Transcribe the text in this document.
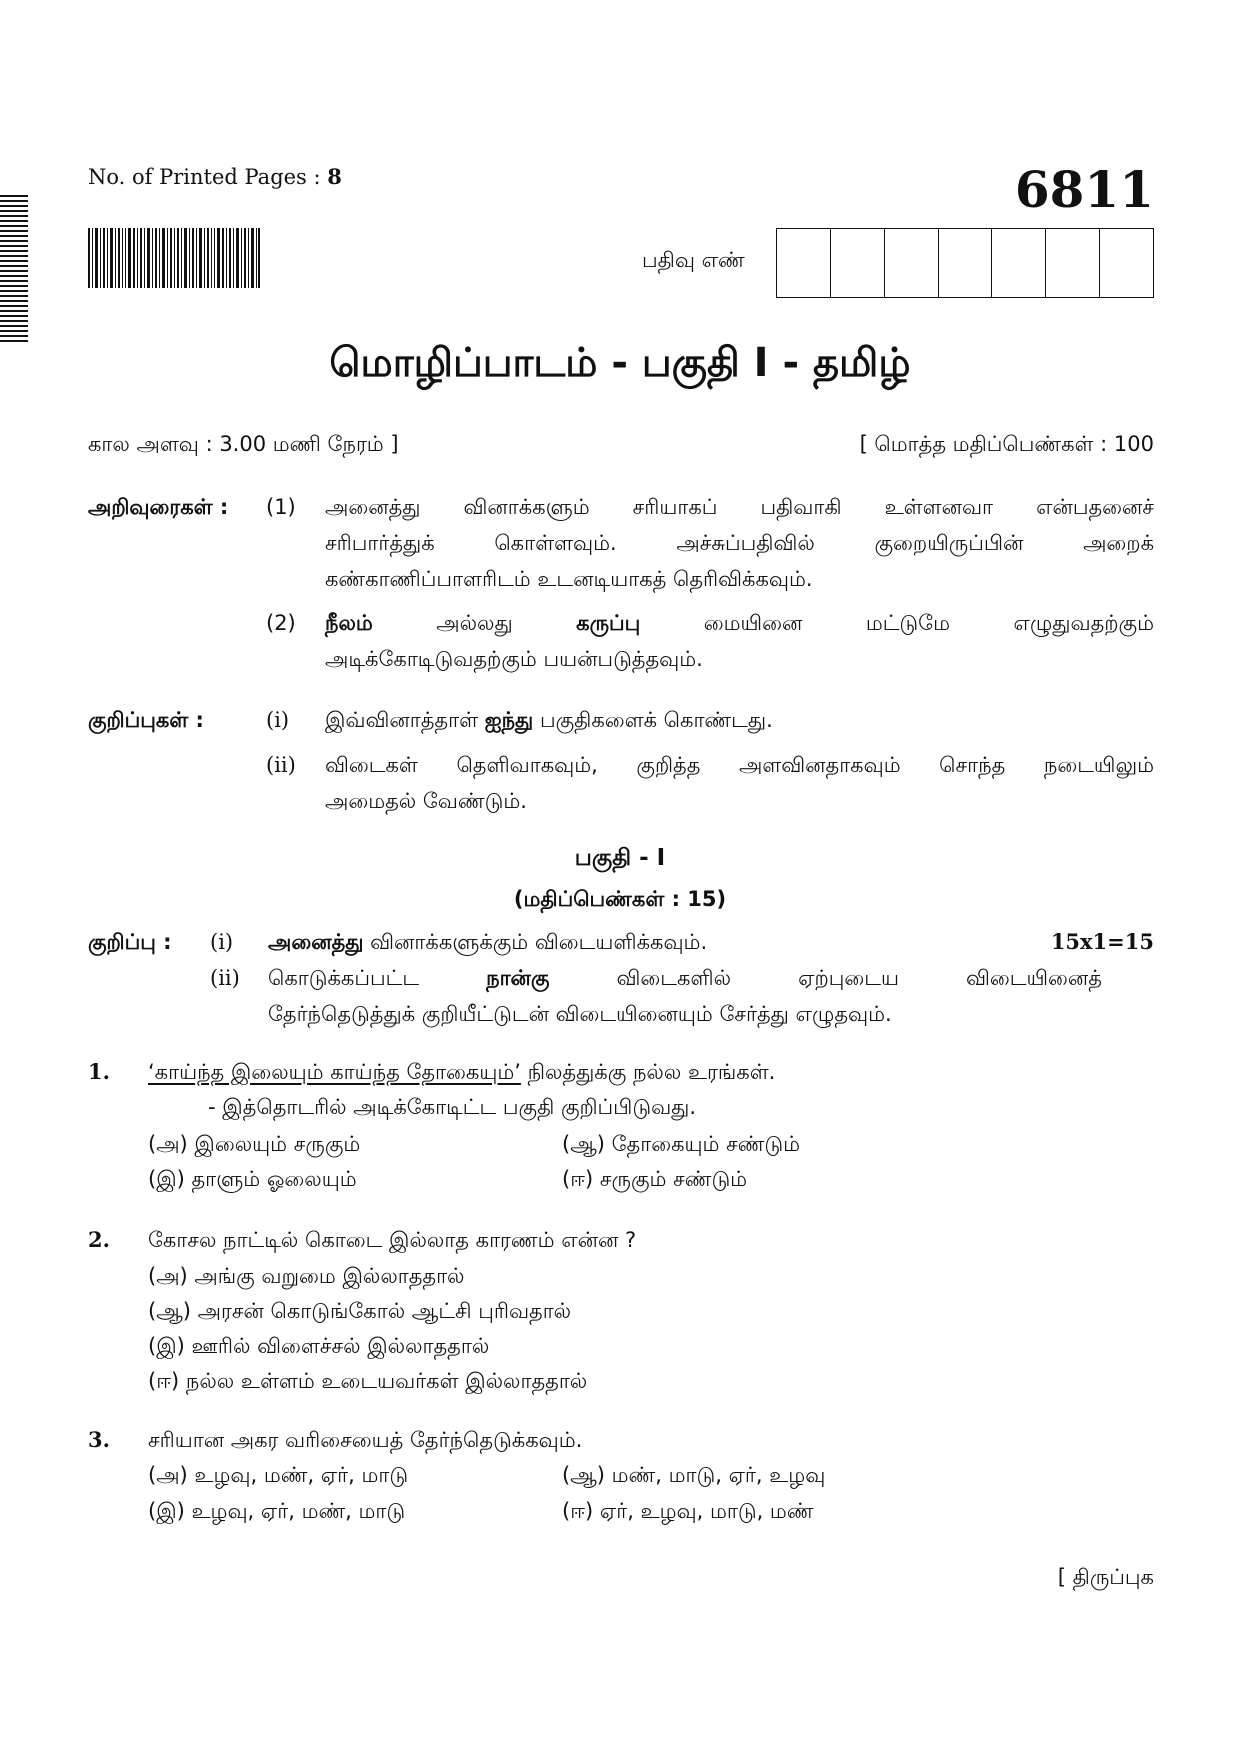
No. of Printed Pages : 8	6811
பதிவு எண்
மொழிப்பாடம் - பகுதி I - தமிழ்
கால அளவு : 3.00 மணி நேரம் ]	[ மொத்த மதிப்பெண்கள் : 100
அறிவுரைகள் : (1) அனைத்து வினாக்களும் சரியாகப் பதிவாகி உள்ளனவா என்பதனைச்
சரிபார்த்துக் கொள்ளவும். அச்சுப்பதிவில் குறையிருப்பின் அறைக்
கண்காணிப்பாளரிடம் உடனடியாகத் தெரிவிக்கவும்.
(2) நீலம்	அல்லது	கருப்பு	மையினை	மட்டுமே	எழுதுவதற்கும்
அடிக்கோடிடுவதற்கும் பயன்படுத்தவும்.
குறிப்புகள் :	(i) இவ்வினாத்தாள் ஐந்து பகுதிகளைக் கொண்டது.
(ii) விடைகள் தெளிவாகவும், குறித்த அளவினதாகவும் சொந்த நடையிலும்
அமைதல் வேண்டும்.
பகுதி - I
(மதிப்பெண்கள் : 15)
குறிப்பு : (i) அனைத்து வினாக்களுக்கும் விடையளிக்கவும்.	15x1=15
(ii) கொடுக்கப்பட்ட	நான்கு	விடைகளில்	ஏற்புடைய	விடையினைத்
தேர்ந்தெடுத்துக் குறியீட்டுடன் விடையினையும் சேர்த்து எழுதவும்.
1. ‘காய்ந்த இலையும் காய்ந்த தோகையும்’ நிலத்துக்கு நல்ல உரங்கள்.
- இத்தொடரில் அடிக்கோடிட்ட பகுதி குறிப்பிடுவது.
(அ) இலையும் சருகும்	(ஆ) தோகையும் சண்டும்
(இ) தாளும் ஓலையும்	(ஈ) சருகும் சண்டும்
2. கோசல நாட்டில் கொடை இல்லாத காரணம் என்ன ?
(அ) அங்கு வறுமை இல்லாததால்
(ஆ) அரசன் கொடுங்கோல் ஆட்சி புரிவதால்
(இ) ஊரில் விளைச்சல் இல்லாததால்
(ஈ) நல்ல உள்ளம் உடையவர்கள் இல்லாததால்
3. சரியான அகர வரிசையைத் தேர்ந்தெடுக்கவும்.
(அ) உழவு, மண், ஏர், மாடு	(ஆ) மண், மாடு, ஏர், உழவு
(இ) உழவு, ஏர், மண், மாடு	(ஈ) ஏர், உழவு, மாடு, மண்
[ திருப்புக
